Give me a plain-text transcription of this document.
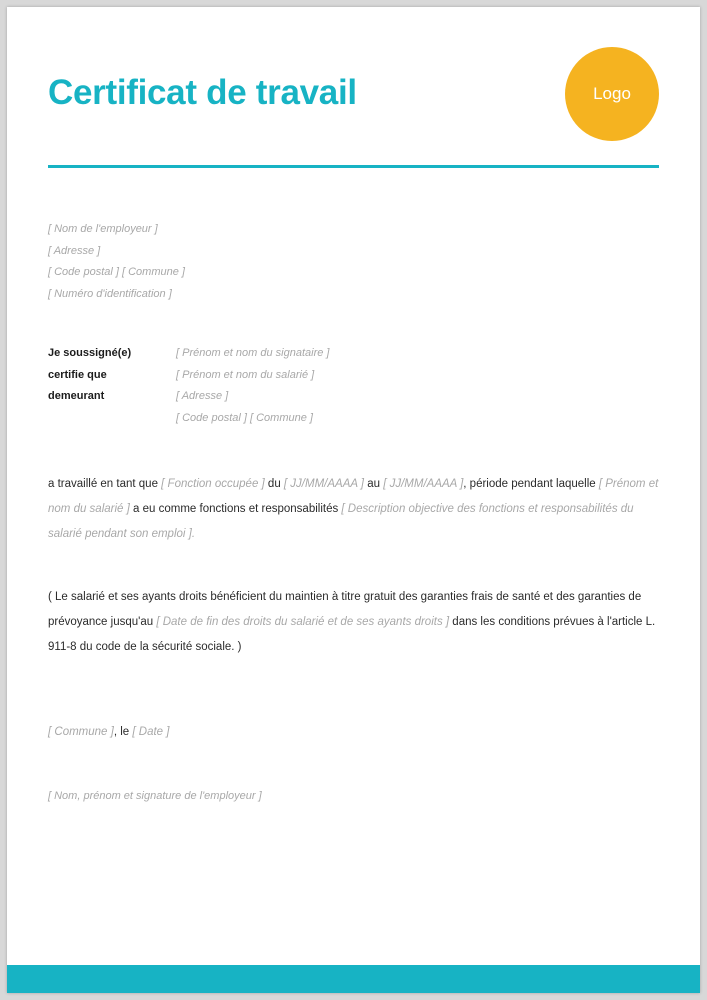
Certificat de travail	Logo
[ Nom de l'employeur ]
[ Adresse ]
[ Code postal ] [ Commune ]
[ Numéro d'identification ]
Je soussigné(e)	[ Prénom et nom du signataire ]
certifie que	[ Prénom et nom du salarié ]
demeurant	[ Adresse ]
	[ Code postal ] [ Commune ]

a travaillé en tant que [ Fonction occupée ] du [ JJ/MM/AAAA ] au [ JJ/MM/AAAA ], période pendant laquelle [ Prénom et nom du salarié ] a eu comme fonctions et responsabilités [ Description objective des fonctions et responsabilités du salarié pendant son emploi ].

( Le salarié et ses ayants droits bénéficient du maintien à titre gratuit des garanties frais de santé et des garanties de prévoyance jusqu'au [ Date de fin des droits du salarié et de ses ayants droits ] dans les conditions prévues à l'article L. 911-8 du code de la sécurité sociale. )

[ Commune ], le [ Date ]

[ Nom, prénom et signature de l'employeur ]
